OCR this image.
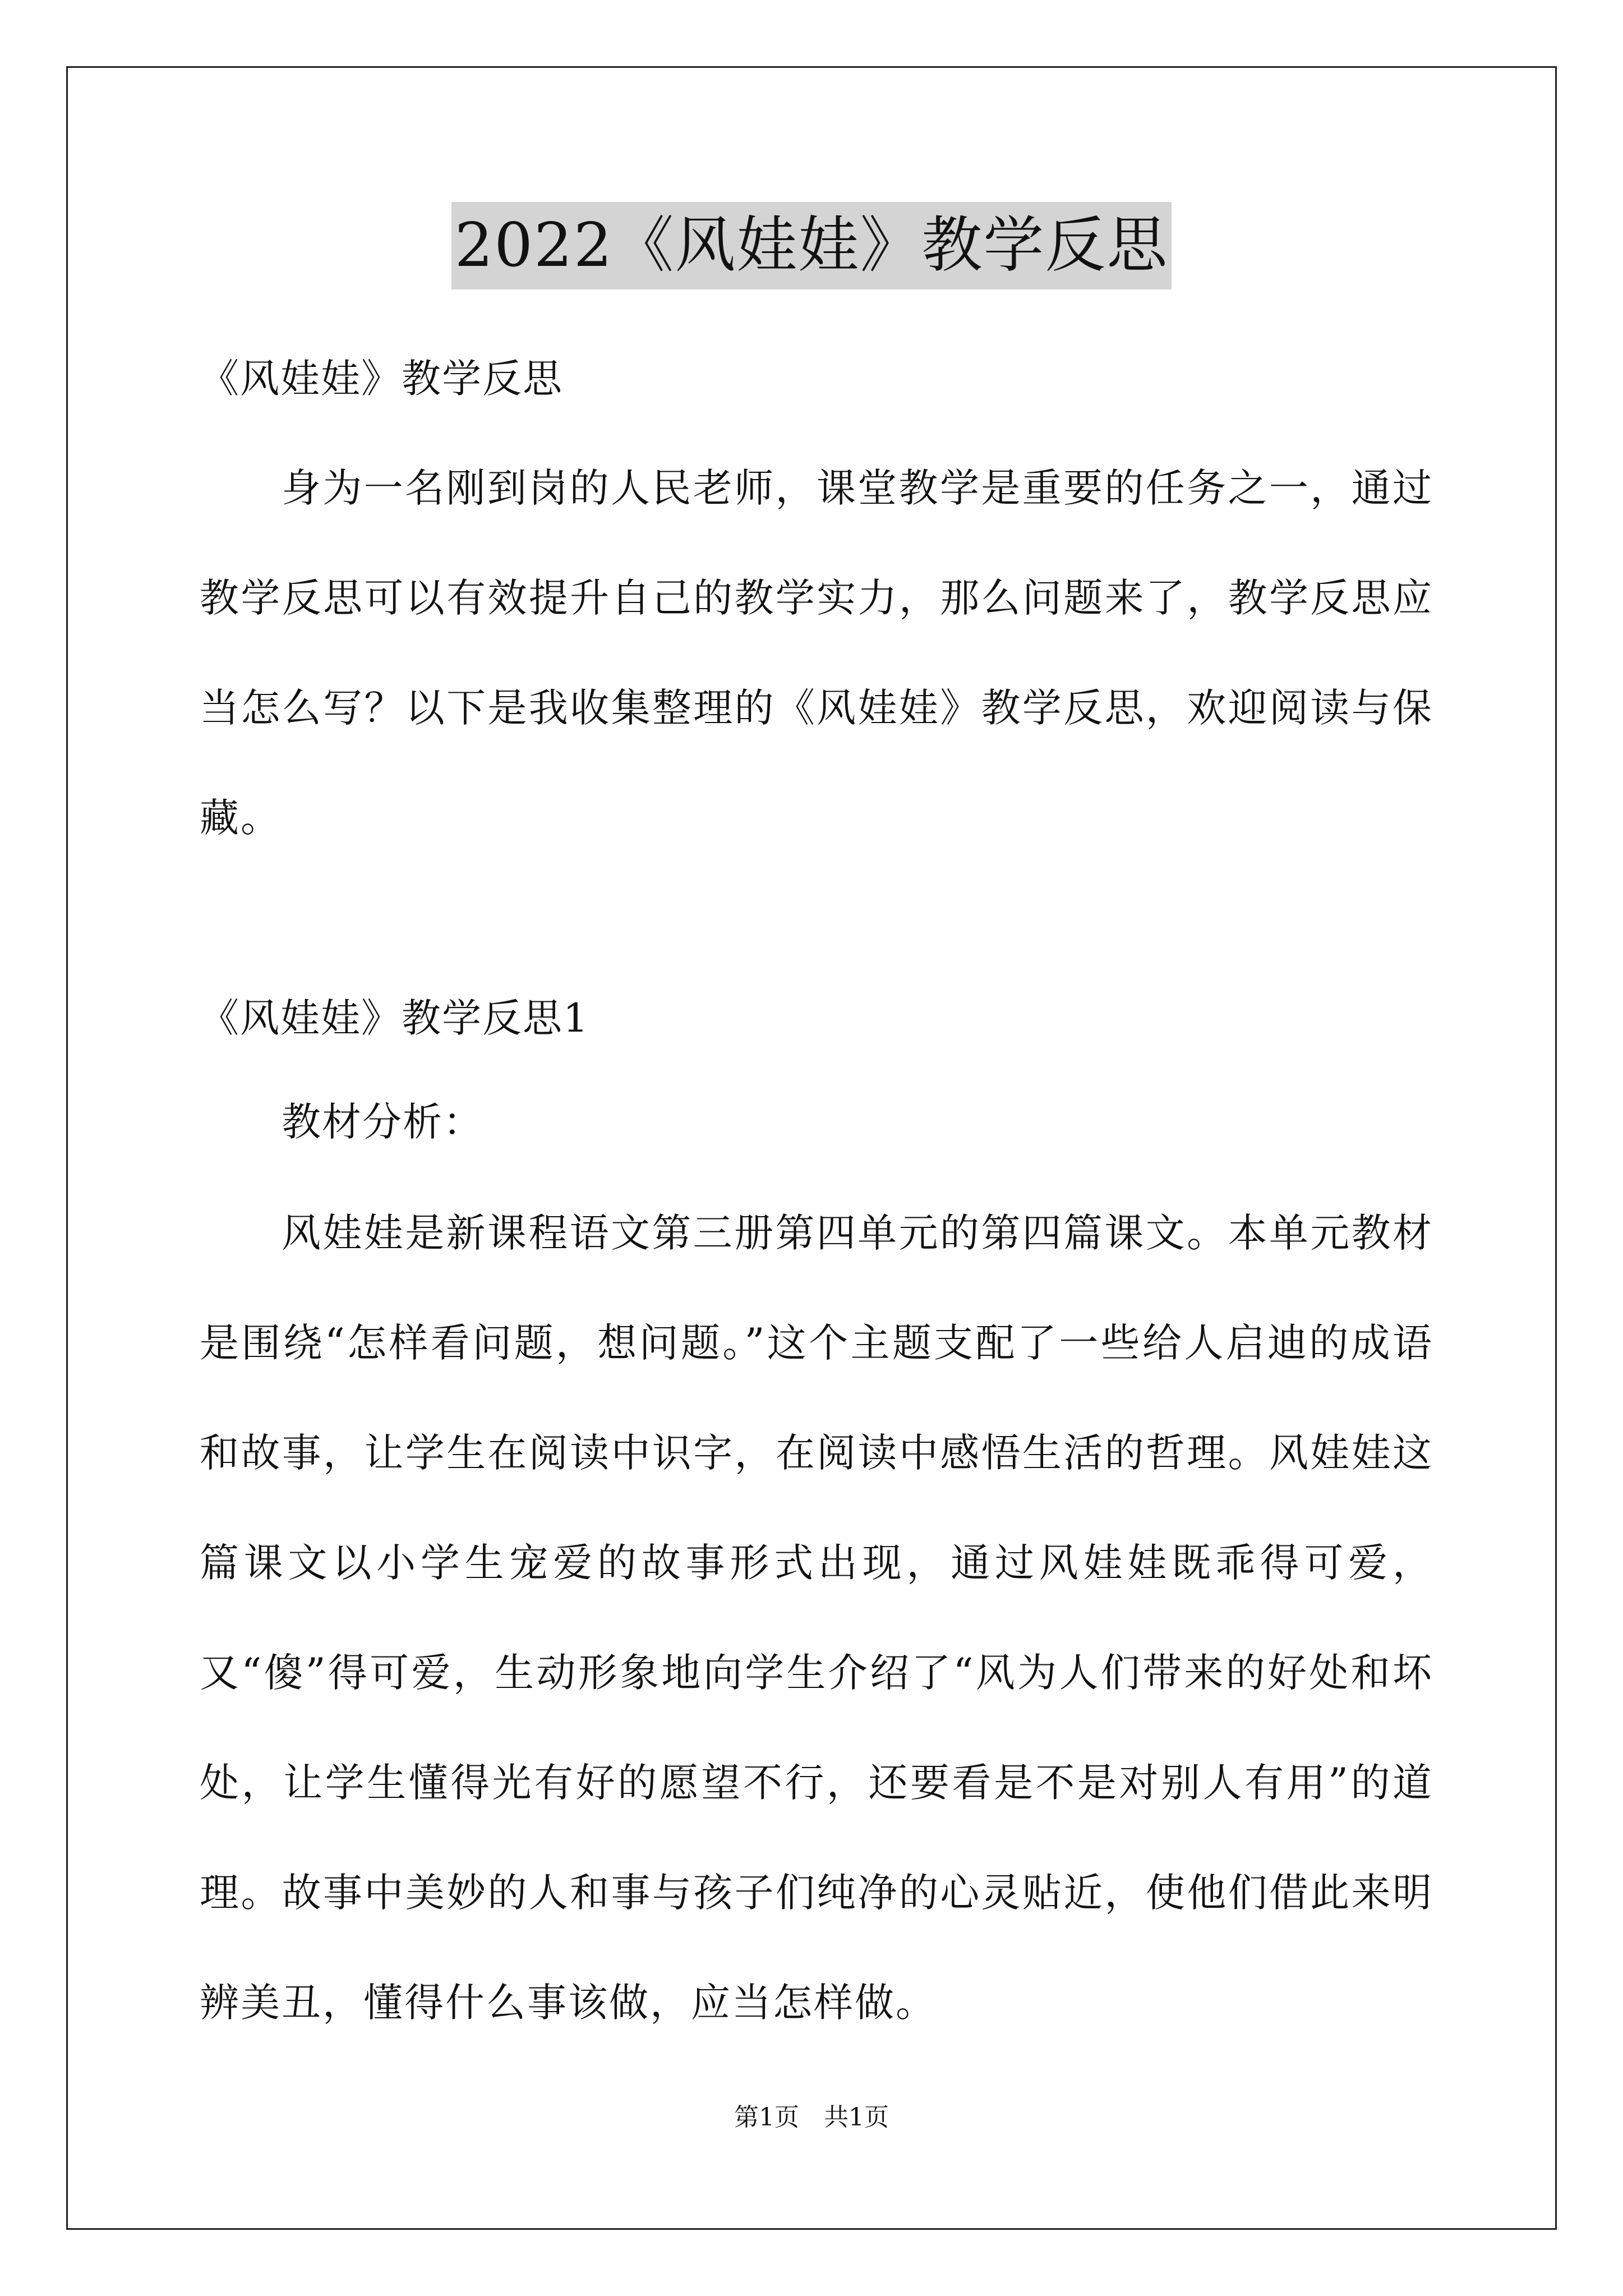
2022《风娃娃》教学反思
《风娃娃》教学反思

身为一名刚到岗的人民老师，课堂教学是重要的任务之一，通过教学反思可以有效提升自己的教学实力，那么问题来了，教学反思应当怎么写？以下是我收集整理的《风娃娃》教学反思，欢迎阅读与保藏。

《风娃娃》教学反思1
教材分析：

风娃娃是新课程语文第三册第四单元的第四篇课文。本单元教材是围绕“怎样看问题，想问题。”这个主题支配了一些给人启迪的成语和故事，让学生在阅读中识字，在阅读中感悟生活的哲理。风娃娃这篇课文以小学生宠爱的故事形式出现，通过风娃娃既乖得可爱，又“傻”得可爱，生动形象地向学生介绍了“风为人们带来的好处和坏处，让学生懂得光有好的愿望不行，还要看是不是对别人有用”的道理。故事中美妙的人和事与孩子们纯净的心灵贴近，使他们借此来明辨美丑，懂得什么事该做，应当怎样做。

第1页　共1页
